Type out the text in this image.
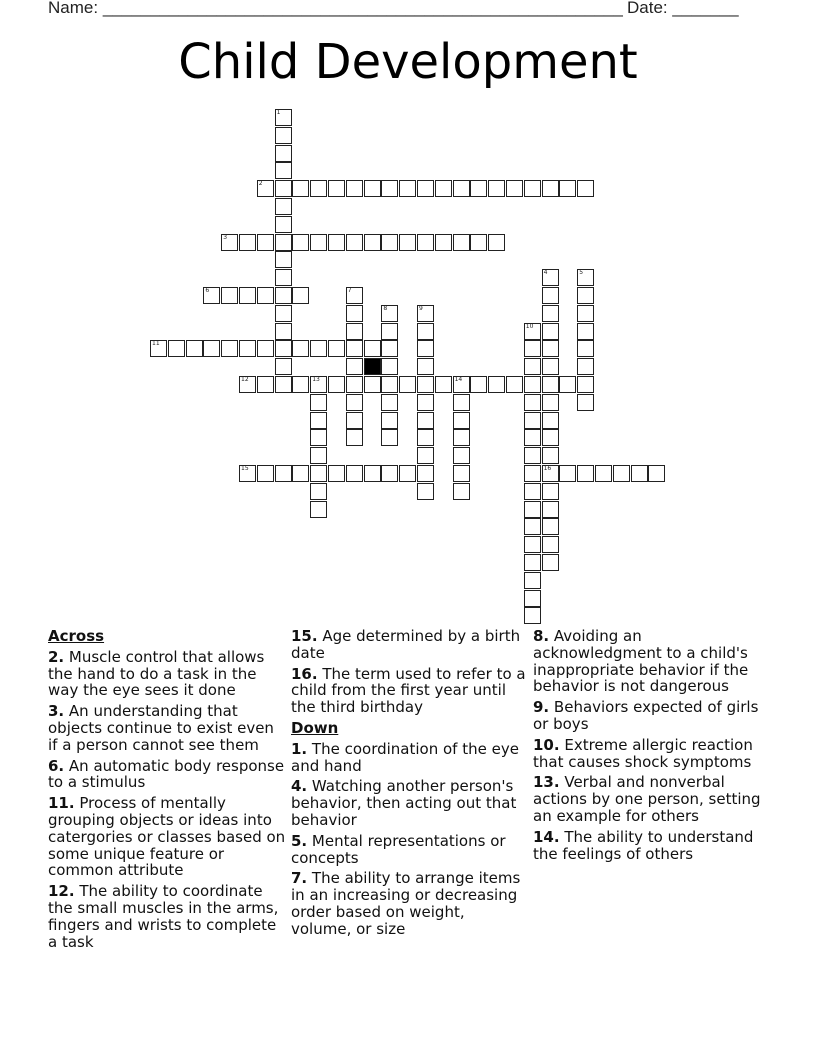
Name: _______________________________________________________ Date: _______
Child Development
1
2
3
4
16
5
6	7
8	9
10
11
12	13	14
15
Across
2. Muscle control that allows the hand to do a task in the way the eye sees it done
3. An understanding that objects continue to exist even if a person cannot see them
6. An automatic body response to a stimulus
11. Process of mentally grouping objects or ideas into catergories or classes based on some unique feature or common attribute
12. The ability to coordinate the small muscles in the arms, fingers and wrists to complete a task
15. Age determined by a birth date
16. The term used to refer to a child from the first year until the third birthday
Down
1. The coordination of the eye and hand
4. Watching another person's behavior, then acting out that behavior
5. Mental representations or concepts
7. The ability to arrange items in an increasing or decreasing order based on weight, volume, or size
8. Avoiding an acknowledgment to a child's inappropriate behavior if the behavior is not dangerous
9. Behaviors expected of girls or boys
10. Extreme allergic reaction that causes shock symptoms
13. Verbal and nonverbal actions by one person, setting an example for others
14. The ability to understand the feelings of others
